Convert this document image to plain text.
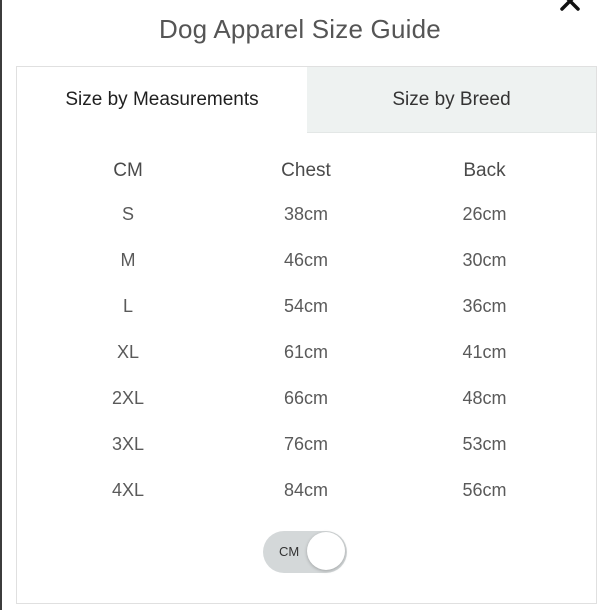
Dog Apparel Size Guide
Size by Measurements	Size by Breed
CM	Chest	Back
S	38cm	26cm
M	46cm	30cm
L	54cm	36cm
XL	61cm	41cm
2XL	66cm	48cm
3XL	76cm	53cm
4XL	84cm	56cm
CM
